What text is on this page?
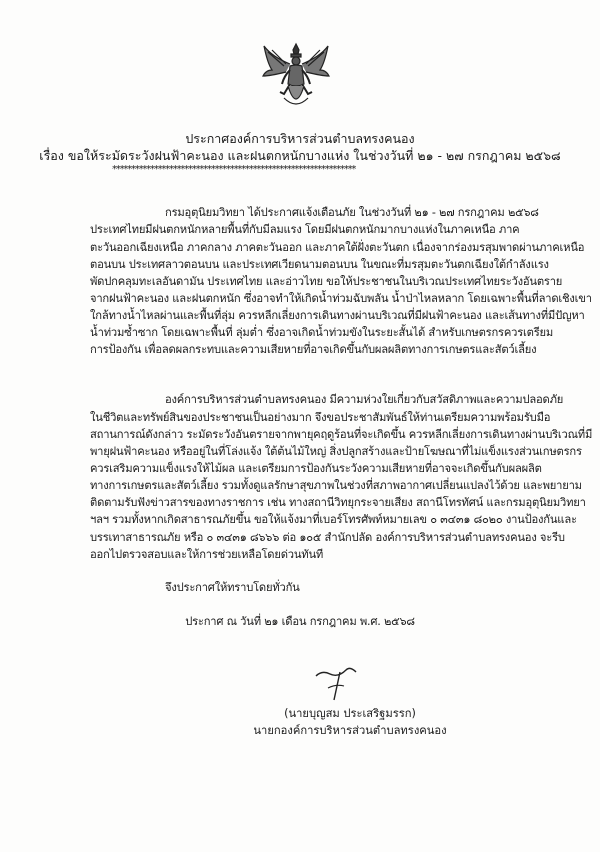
ประกาศองค์การบริหารส่วนตำบลทรงคนอง
เรื่อง ขอให้ระมัดระวังฝนฟ้าคะนอง และฝนตกหนักบางแห่ง ในช่วงวันที่ ๒๑ - ๒๗ กรกฎาคม ๒๕๖๘
****************************************************************
กรมอุตุนิยมวิทยา ได้ประกาศแจ้งเตือนภัย ในช่วงวันที่ ๒๑ - ๒๗ กรกฎาคม ๒๕๖๘
ประเทศไทยมีฝนตกหนักหลายพื้นที่กับมีลมแรง โดยมีฝนตกหนักมากบางแห่งในภาคเหนือ ภาค
ตะวันออกเฉียงเหนือ ภาคกลาง ภาคตะวันออก และภาคใต้ฝั่งตะวันตก เนื่องจากร่องมรสุมพาดผ่านภาคเหนือ
ตอนบน ประเทศลาวตอนบน และประเทศเวียดนามตอนบน ในขณะที่มรสุมตะวันตกเฉียงใต้กำลังแรง
พัดปกคลุมทะเลอันดามัน ประเทศไทย และอ่าวไทย ขอให้ประชาชนในบริเวณประเทศไทยระวังอันตราย
จากฝนฟ้าคะนอง และฝนตกหนัก ซึ่งอาจทำให้เกิดน้ำท่วมฉับพลัน น้ำป่าไหลหลาก โดยเฉพาะพื้นที่ลาดเชิงเขา
ใกล้ทางน้ำไหลผ่านและพื้นที่ลุ่ม ควรหลีกเลี่ยงการเดินทางผ่านบริเวณที่มีฝนฟ้าคะนอง และเส้นทางที่มีปัญหา
น้ำท่วมซ้ำซาก โดยเฉพาะพื้นที่ ลุ่มต่ำ ซึ่งอาจเกิดน้ำท่วมขังในระยะสั้นได้ สำหรับเกษตรกรควรเตรียม
การป้องกัน เพื่อลดผลกระทบและความเสียหายที่อาจเกิดขึ้นกับผลผลิตทางการเกษตรและสัตว์เลี้ยง
องค์การบริหารส่วนตำบลทรงคนอง มีความห่วงใยเกี่ยวกับสวัสดิภาพและความปลอดภัย
ในชีวิตและทรัพย์สินของประชาชนเป็นอย่างมาก จึงขอประชาสัมพันธ์ให้ท่านเตรียมความพร้อมรับมือ
สถานการณ์ดังกล่าว ระมัดระวังอันตรายจากพายุคฤดูร้อนที่จะเกิดขึ้น ควรหลีกเลี่ยงการเดินทางผ่านบริเวณที่มี
พายุฝนฟ้าคะนอง หรืออยู่ในที่โล่งแจ้ง ใต้ต้นไม้ใหญ่ สิ่งปลูกสร้างและป้ายโฆษณาที่ไม่แข็งแรงส่วนเกษตรกร
ควรเสริมความแข็งแรงให้ไม้ผล และเตรียมการป้องกันระวังความเสียหายที่อาจจะเกิดขึ้นกับผลผลิต
ทางการเกษตรและสัตว์เลี้ยง รวมทั้งดูแลรักษาสุขภาพในช่วงที่สภาพอากาศเปลี่ยนแปลงไว้ด้วย และพยายาม
ติดตามรับฟังข่าวสารของทางราชการ เช่น ทางสถานีวิทยุกระจายเสียง สถานีโทรทัศน์ และกรมอุตุนิยมวิทยา
ฯลฯ รวมทั้งหากเกิดสาธารณภัยขึ้น ขอให้แจ้งมาที่เบอร์โทรศัพท์หมายเลข ๐ ๓๔๓๑ ๘๐๒๐ งานป้องกันและ
บรรเทาสาธารณภัย หรือ ๐ ๓๔๓๑ ๘๖๖๖ ต่อ ๑๐๕ สำนักปลัด องค์การบริหารส่วนตำบลทรงคนอง จะรีบ
ออกไปตรวจสอบและให้การช่วยเหลือโดยด่วนทันที
จึงประกาศให้ทราบโดยทั่วกัน
ประกาศ ณ วันที่ ๒๑ เดือน กรกฎาคม พ.ศ. ๒๕๖๘
(นายบุญสม ประเสริฐมรรก)
นายกองค์การบริหารส่วนตำบลทรงคนอง
